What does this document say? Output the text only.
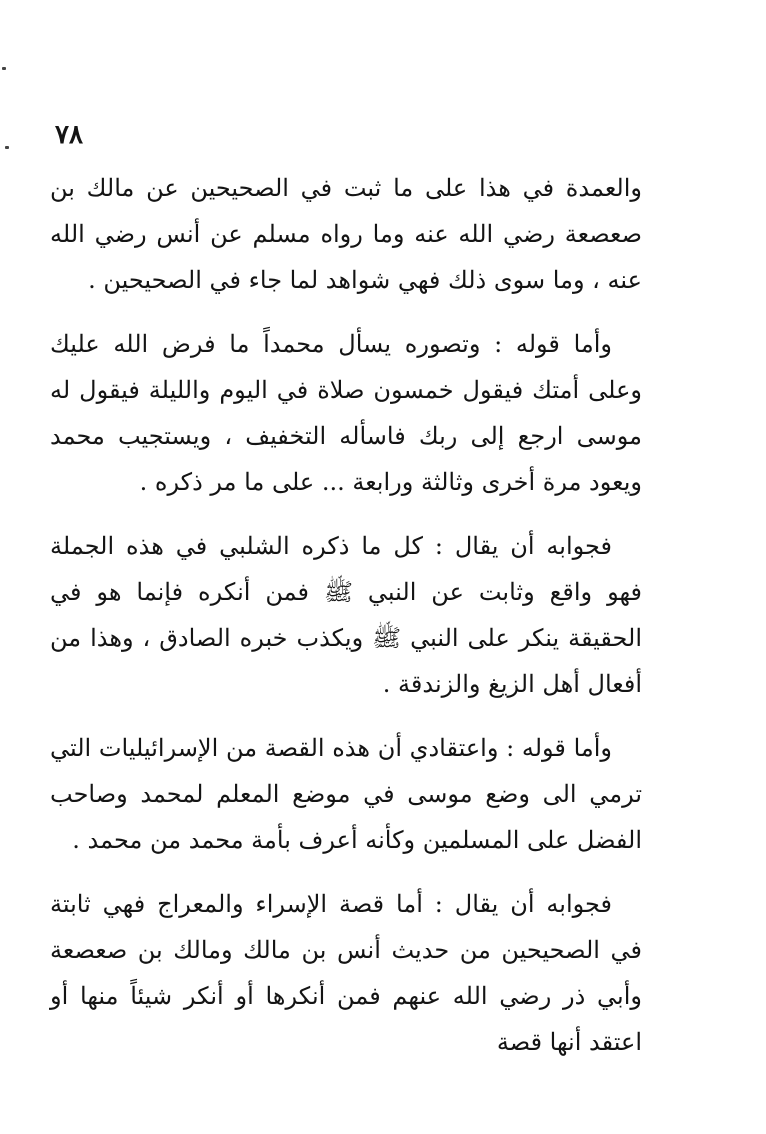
٧٨

والعمدة في هذا على ما ثبت في الصحيحين عن مالك بن صعصعة رضي الله عنه وما رواه مسلم عن أنس رضي الله عنه ، وما سوى ذلك فهي شواهد لما جاء في الصحيحين .

وأما قوله : وتصوره يسأل محمداً ما فرض الله عليك وعلى أمتك فيقول خمسون صلاة في اليوم والليلة فيقول له موسى ارجع إلى ربك فاسأله التخفيف ، ويستجيب محمد ويعود مرة أخرى وثالثة ورابعة ... على ما مر ذكره .

فجوابه أن يقال : كل ما ذكره الشلبي في هذه الجملة فهو واقع وثابت عن النبي ﷺ فمن أنكره فإنما هو في الحقيقة ينكر على النبي ﷺ ويكذب خبره الصادق ، وهذا من أفعال أهل الزيغ والزندقة .

وأما قوله : واعتقادي أن هذه القصة من الإسرائيليات التي ترمي الى وضع موسى في موضع المعلم لمحمد وصاحب الفضل على المسلمين وكأنه أعرف بأمة محمد من محمد .

فجوابه أن يقال : أما قصة الإسراء والمعراج فهي ثابتة في الصحيحين من حديث أنس بن مالك ومالك بن صعصعة وأبي ذر رضي الله عنهم فمن أنكرها أو أنكر شيئاً منها أو اعتقد أنها قصة
